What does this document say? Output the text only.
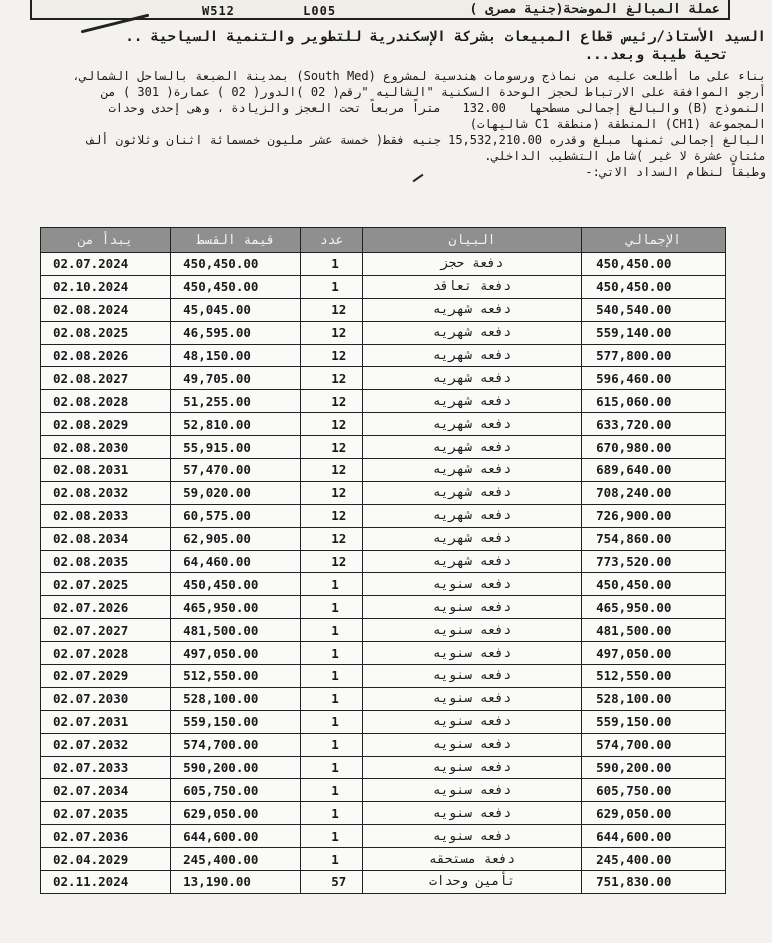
W512	L005	عملة المبالغ الموضحة(جنية مصرى )
السيد الأستاذ/رئيس قطاع المبيعات بشركة الإسكندرية للتطوير والتنمية السياحية ..
تحية طيبة وبعد...

بناء على ما أطلعت عليه من نماذج ورسومات هندسية لمشروع (South Med) بمدينة الضبعة بالساحل الشمالي،

أرجو الموافقة على الارتباط لحجز الوحدة السكنية "الشاليه "رقم( 02 )الدور( 02 ) عمارة( 301 ) من

النموذج (B) والبالغ إجمالى مسطحها   132.00   متراً مربعاً تحت العجز والزيادة ، وهى إحدى وحدات

المجموعة (CH1) المنطقة (منطقة C1 شاليهات)

البالغ إجمالى ثمنها مبلغ وقدره 15,532,210.00 جنيه فقط( خمسة عشر مليون خمسمائة اثنان وثلاثون ألف

مئتان عشرة لا غير )شامل التشطيب الداخلي.

وطبقاً لنظام السداد الاتي:-

يبدأ من	قيمة القسط	عدد	البيان	الإجمالي
02.07.2024	450,450.00	1	دفعة حجز	450,450.00
02.10.2024	450,450.00	1	دفعة تعاقد	450,450.00
02.08.2024	45,045.00	12	دفعه شهريه	540,540.00
02.08.2025	46,595.00	12	دفعه شهريه	559,140.00
02.08.2026	48,150.00	12	دفعه شهريه	577,800.00
02.08.2027	49,705.00	12	دفعه شهريه	596,460.00
02.08.2028	51,255.00	12	دفعه شهريه	615,060.00
02.08.2029	52,810.00	12	دفعه شهريه	633,720.00
02.08.2030	55,915.00	12	دفعه شهريه	670,980.00
02.08.2031	57,470.00	12	دفعه شهريه	689,640.00
02.08.2032	59,020.00	12	دفعه شهريه	708,240.00
02.08.2033	60,575.00	12	دفعه شهريه	726,900.00
02.08.2034	62,905.00	12	دفعه شهريه	754,860.00
02.08.2035	64,460.00	12	دفعه شهريه	773,520.00
02.07.2025	450,450.00	1	دفعه سنويه	450,450.00
02.07.2026	465,950.00	1	دفعه سنويه	465,950.00
02.07.2027	481,500.00	1	دفعه سنويه	481,500.00
02.07.2028	497,050.00	1	دفعه سنويه	497,050.00
02.07.2029	512,550.00	1	دفعه سنويه	512,550.00
02.07.2030	528,100.00	1	دفعه سنويه	528,100.00
02.07.2031	559,150.00	1	دفعه سنويه	559,150.00
02.07.2032	574,700.00	1	دفعه سنويه	574,700.00
02.07.2033	590,200.00	1	دفعه سنويه	590,200.00
02.07.2034	605,750.00	1	دفعه سنويه	605,750.00
02.07.2035	629,050.00	1	دفعه سنويه	629,050.00
02.07.2036	644,600.00	1	دفعه سنويه	644,600.00
02.04.2029	245,400.00	1	دفعة مستحقه	245,400.00
02.11.2024	13,190.00	57	تأمين وحدات	751,830.00
